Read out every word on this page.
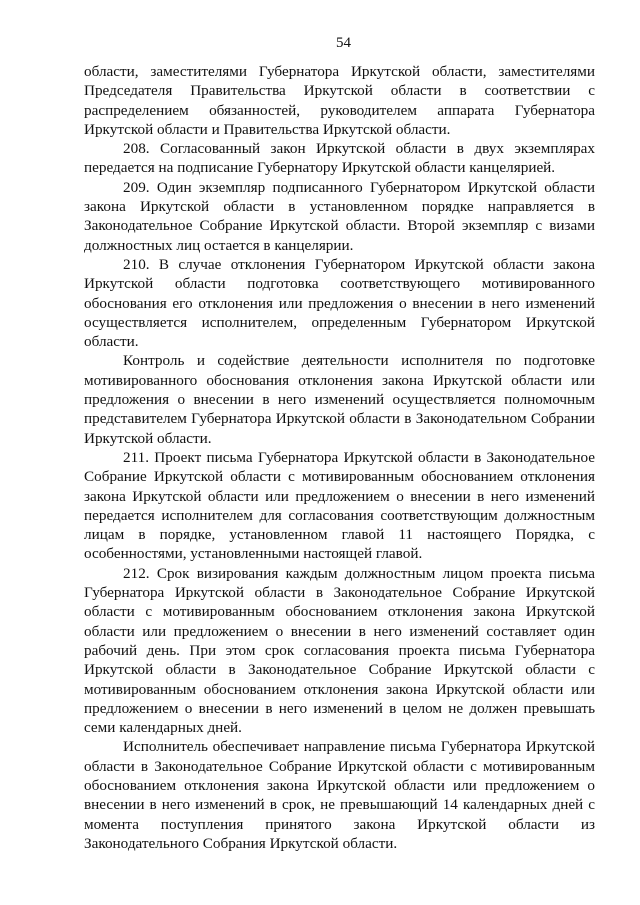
54

области, заместителями Губернатора Иркутской области, заместителями Председателя Правительства Иркутской области в соответствии с распределением обязанностей, руководителем аппарата Губернатора Иркутской области и Правительства Иркутской области.

208. Согласованный закон Иркутской области в двух экземплярах передается на подписание Губернатору Иркутской области канцелярией.

209. Один экземпляр подписанного Губернатором Иркутской области закона Иркутской области в установленном порядке направляется в Законодательное Собрание Иркутской области. Второй экземпляр с визами должностных лиц остается в канцелярии.

210. В случае отклонения Губернатором Иркутской области закона Иркутской области подготовка соответствующего мотивированного обоснования его отклонения или предложения о внесении в него изменений осуществляется исполнителем, определенным Губернатором Иркутской области.

Контроль и содействие деятельности исполнителя по подготовке мотивированного обоснования отклонения закона Иркутской области или предложения о внесении в него изменений осуществляется полномочным представителем Губернатора Иркутской области в Законодательном Собрании Иркутской области.

211. Проект письма Губернатора Иркутской области в Законодательное Собрание Иркутской области с мотивированным обоснованием отклонения закона Иркутской области или предложением о внесении в него изменений передается исполнителем для согласования соответствующим должностным лицам в порядке, установленном главой 11 настоящего Порядка, с особенностями, установленными настоящей главой.

212. Срок визирования каждым должностным лицом проекта письма Губернатора Иркутской области в Законодательное Собрание Иркутской области с мотивированным обоснованием отклонения закона Иркутской области или предложением о внесении в него изменений составляет один рабочий день. При этом срок согласования проекта письма Губернатора Иркутской области в Законодательное Собрание Иркутской области с мотивированным обоснованием отклонения закона Иркутской области или предложением о внесении в него изменений в целом не должен превышать семи календарных дней.

Исполнитель обеспечивает направление письма Губернатора Иркутской области в Законодательное Собрание Иркутской области с мотивированным обоснованием отклонения закона Иркутской области или предложением о внесении в него изменений в срок, не превышающий 14 календарных дней с момента поступления принятого закона Иркутской области из Законодательного Собрания Иркутской области.
